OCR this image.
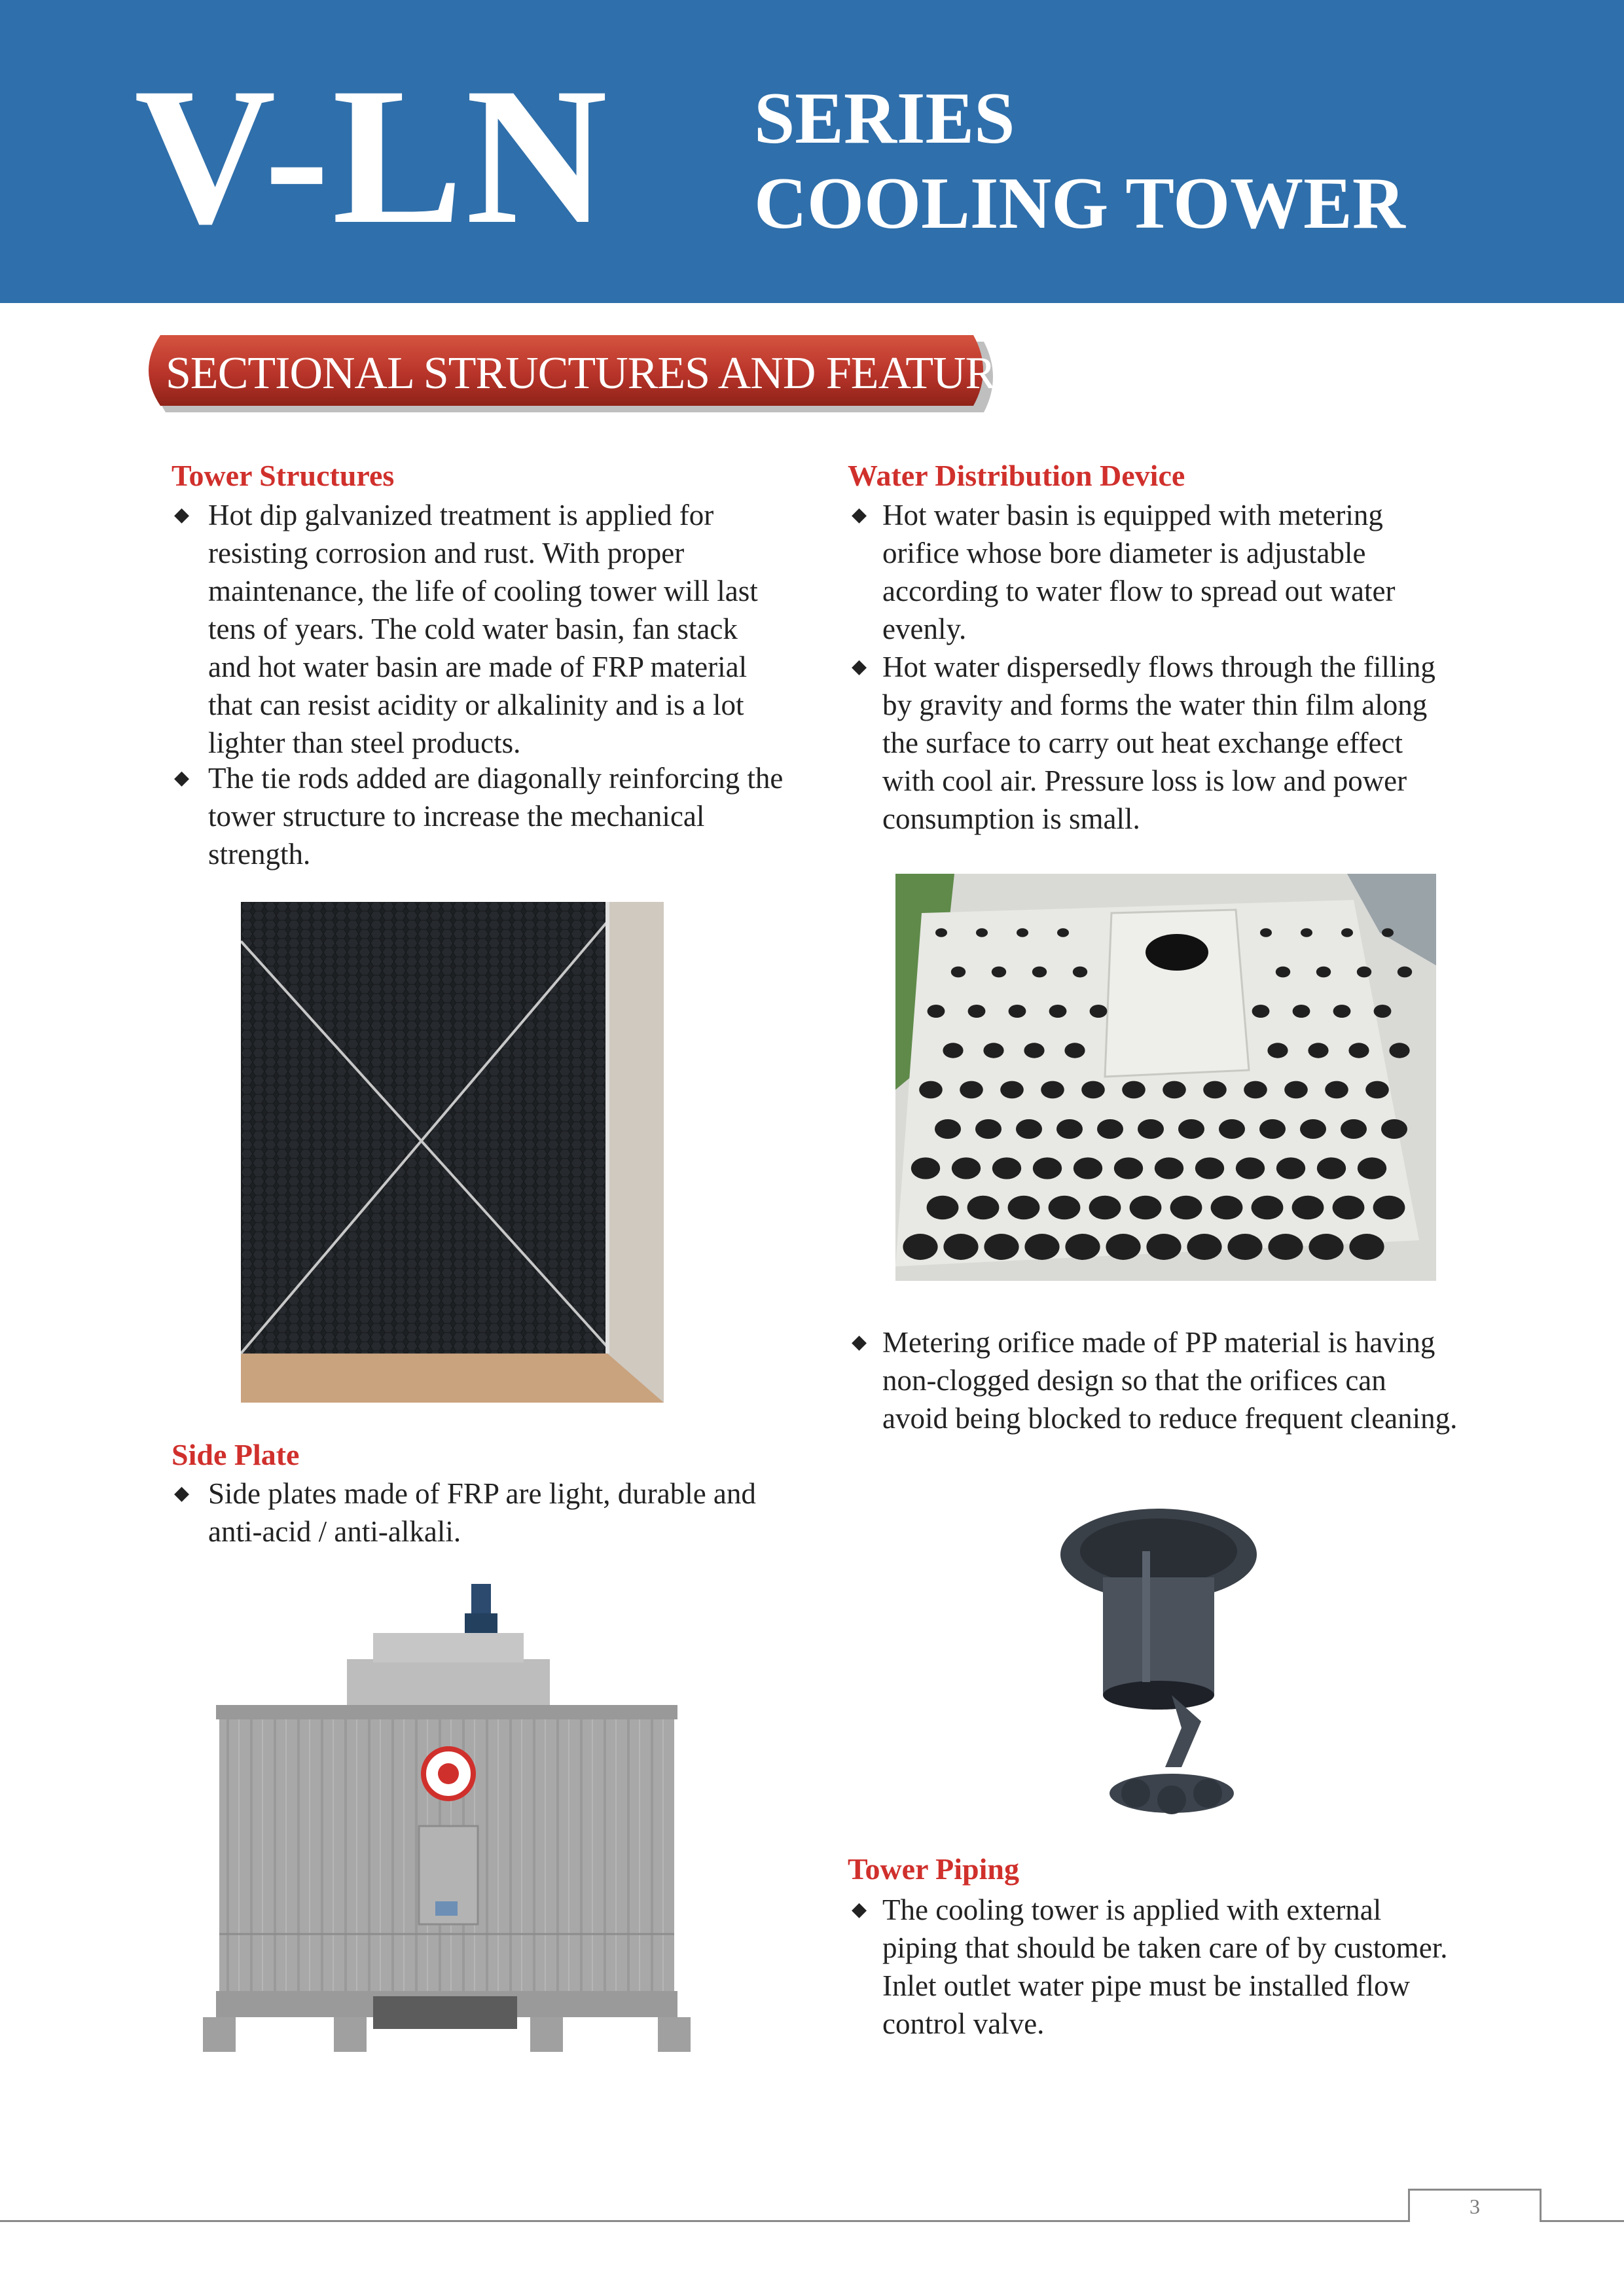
V-LN SERIES
COOLING TOWER
SECTIONAL STRUCTURES AND FEATURES
Tower Structures
◆ Hot dip galvanized treatment is applied for resisting corrosion and rust. With proper maintenance, the life of cooling tower will last tens of years. The cold water basin, fan stack and hot water basin are made of FRP material that can resist acidity or alkalinity and is a lot lighter than steel products.
◆ The tie rods added are diagonally reinforcing the tower structure to increase the mechanical strength.
Side Plate
◆ Side plates made of FRP are light, durable and anti-acid / anti-alkali.
Water Distribution Device
◆ Hot water basin is equipped with metering orifice whose bore diameter is adjustable according to water flow to spread out water evenly.
◆ Hot water dispersedly flows through the filling by gravity and forms the water thin film along the surface to carry out heat exchange effect with cool air. Pressure loss is low and power consumption is small.
◆ Metering orifice made of PP material is having non-clogged design so that the orifices can avoid being blocked to reduce frequent cleaning.
Tower Piping
◆ The cooling tower is applied with external piping that should be taken care of by customer. Inlet outlet water pipe must be installed flow control valve.
3
